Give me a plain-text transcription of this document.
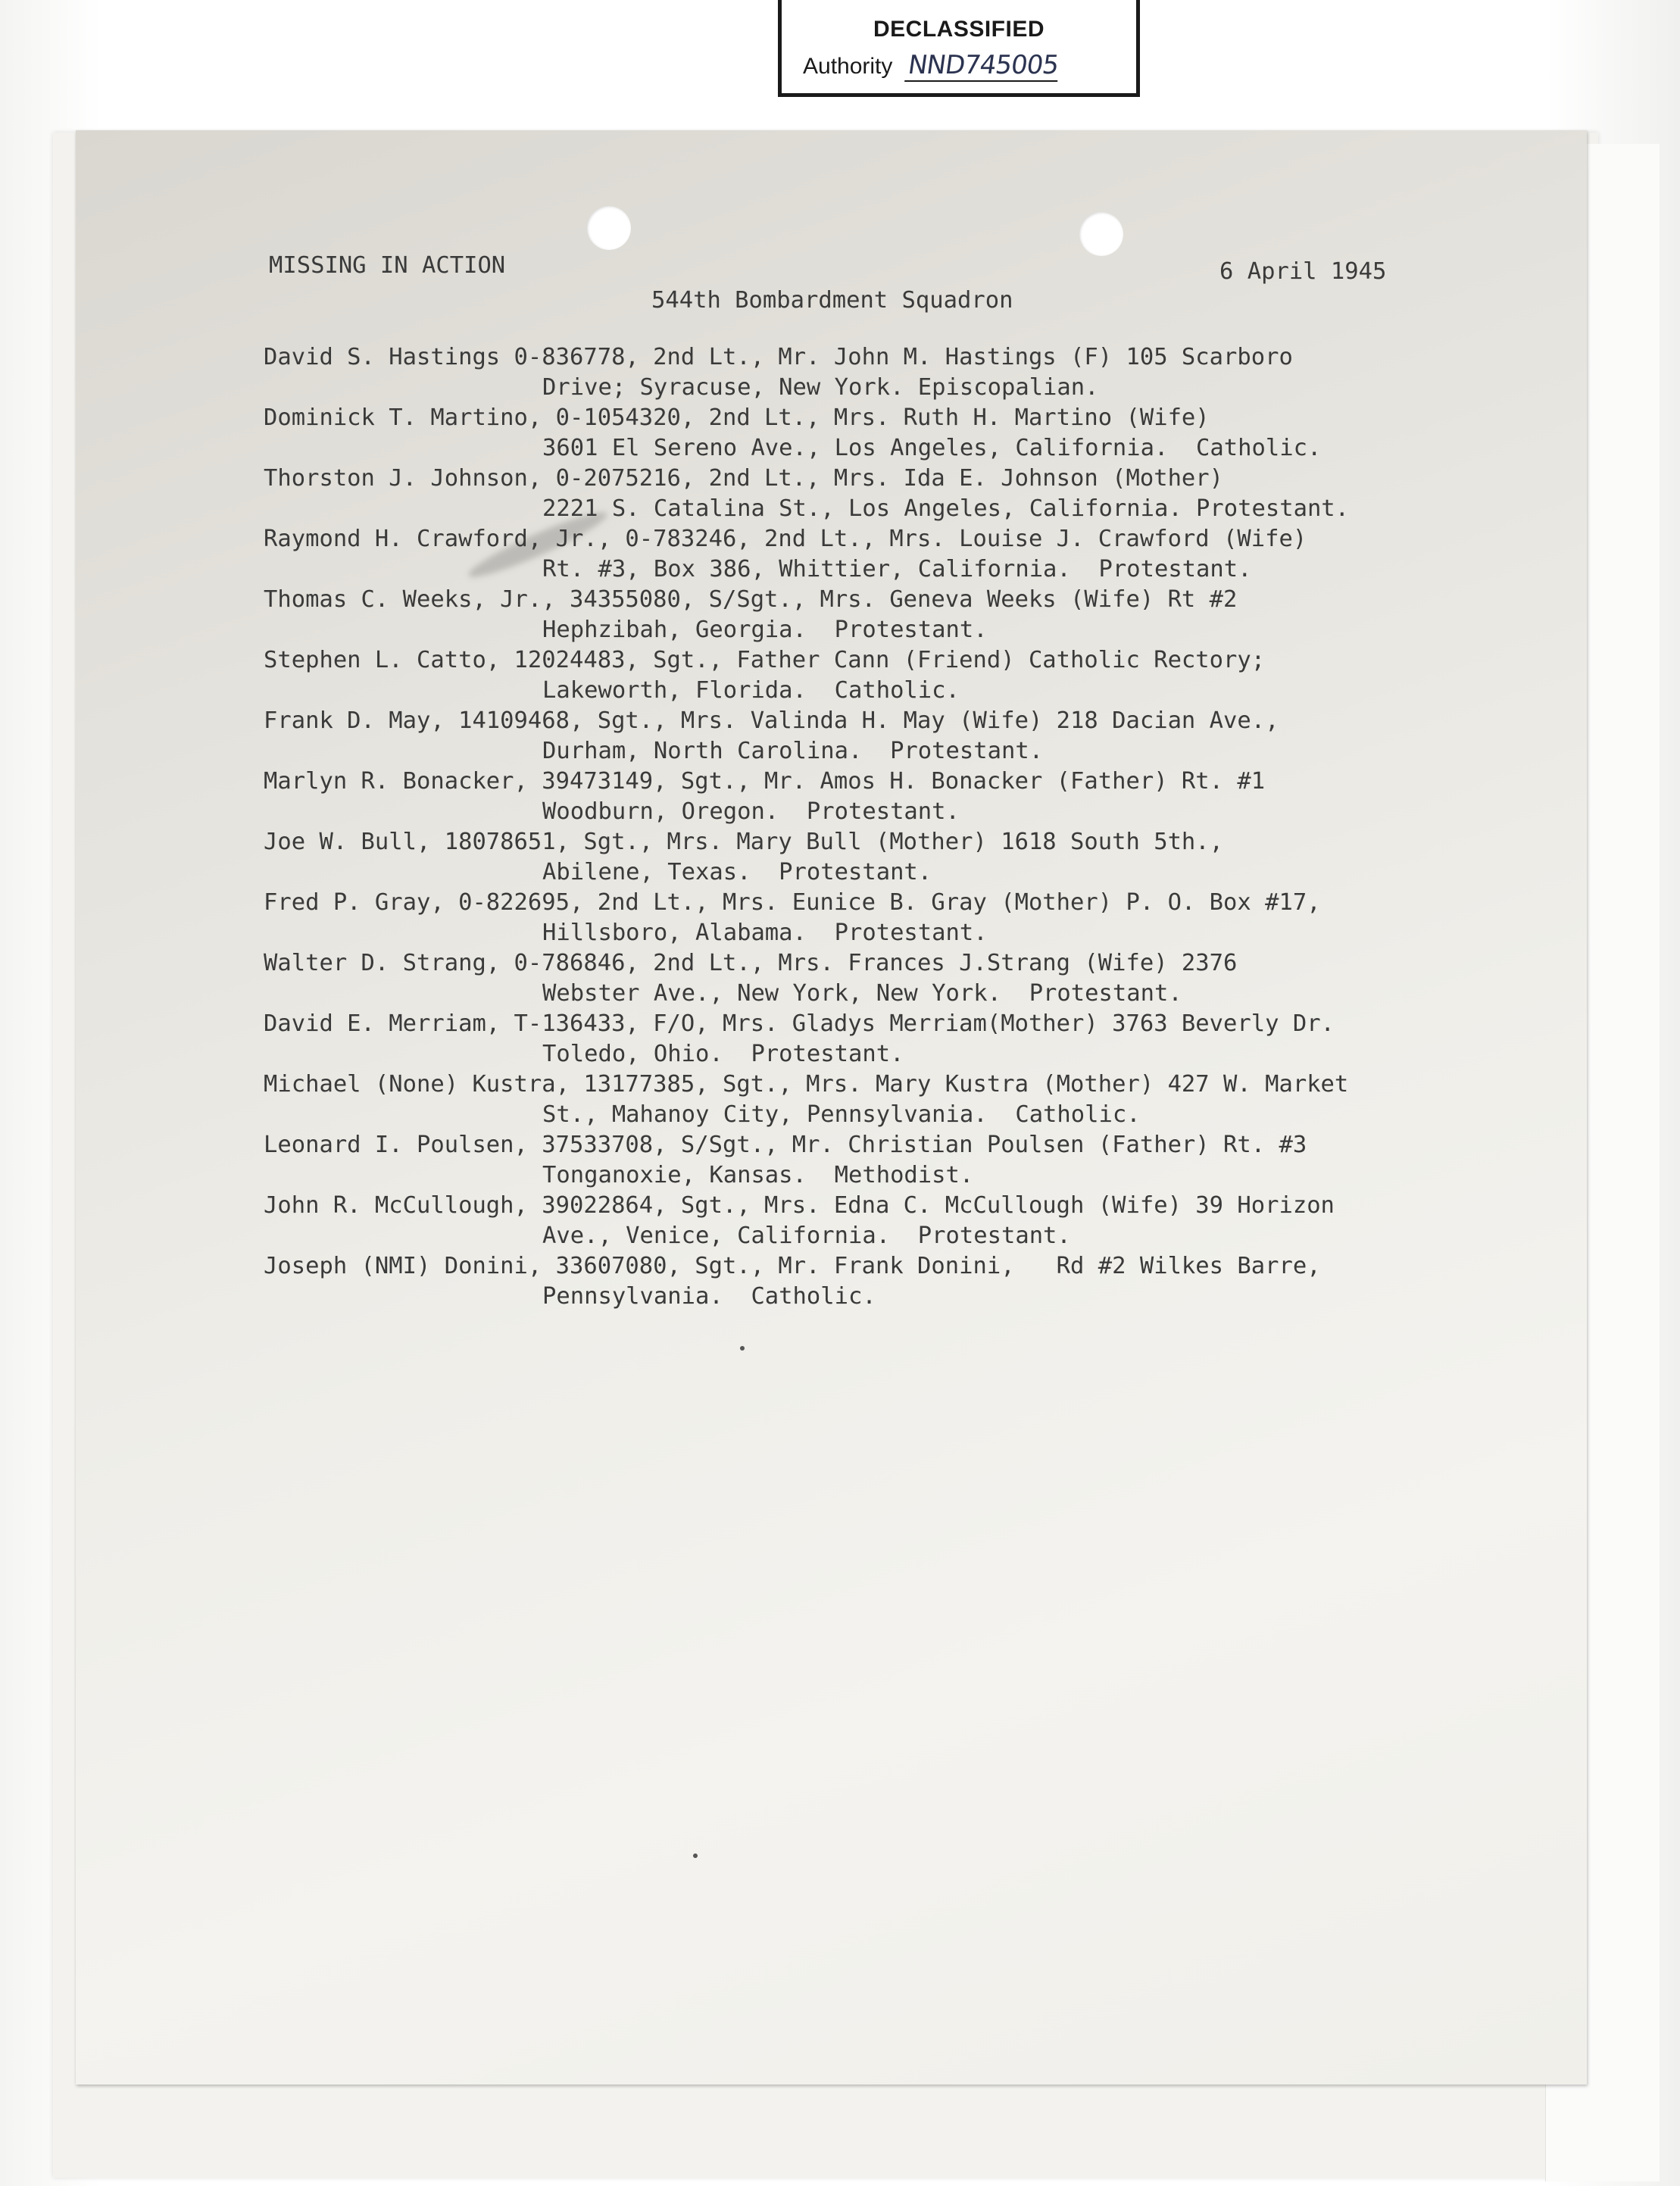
DECLASSIFIED
Authority NND745005
MISSING IN ACTION	6 April 1945
544th Bombardment Squadron
David S. Hastings 0-836778, 2nd Lt., Mr. John M. Hastings (F) 105 Scarboro
Drive; Syracuse, New York. Episcopalian.
Dominick T. Martino, 0-1054320, 2nd Lt., Mrs. Ruth H. Martino (Wife)
3601 El Sereno Ave., Los Angeles, California.  Catholic.
Thorston J. Johnson, 0-2075216, 2nd Lt., Mrs. Ida E. Johnson (Mother)
2221 S. Catalina St., Los Angeles, California. Protestant.
Raymond H. Crawford, Jr., 0-783246, 2nd Lt., Mrs. Louise J. Crawford (Wife)
Rt. #3, Box 386, Whittier, California.  Protestant.
Thomas C. Weeks, Jr., 34355080, S/Sgt., Mrs. Geneva Weeks (Wife) Rt #2
Hephzibah, Georgia.  Protestant.
Stephen L. Catto, 12024483, Sgt., Father Cann (Friend) Catholic Rectory;
Lakeworth, Florida.  Catholic.
Frank D. May, 14109468, Sgt., Mrs. Valinda H. May (Wife) 218 Dacian Ave.,
Durham, North Carolina.  Protestant.
Marlyn R. Bonacker, 39473149, Sgt., Mr. Amos H. Bonacker (Father) Rt. #1
Woodburn, Oregon.  Protestant.
Joe W. Bull, 18078651, Sgt., Mrs. Mary Bull (Mother) 1618 South 5th.,
Abilene, Texas.  Protestant.
Fred P. Gray, 0-822695, 2nd Lt., Mrs. Eunice B. Gray (Mother) P. O. Box #17,
Hillsboro, Alabama.  Protestant.
Walter D. Strang, 0-786846, 2nd Lt., Mrs. Frances J.Strang (Wife) 2376
Webster Ave., New York, New York.  Protestant.
David E. Merriam, T-136433, F/O, Mrs. Gladys Merriam(Mother) 3763 Beverly Dr.
Toledo, Ohio.  Protestant.
Michael (None) Kustra, 13177385, Sgt., Mrs. Mary Kustra (Mother) 427 W. Market
St., Mahanoy City, Pennsylvania.  Catholic.
Leonard I. Poulsen, 37533708, S/Sgt., Mr. Christian Poulsen (Father) Rt. #3
Tonganoxie, Kansas.  Methodist.
John R. McCullough, 39022864, Sgt., Mrs. Edna C. McCullough (Wife) 39 Horizon
Ave., Venice, California.  Protestant.
Joseph (NMI) Donini, 33607080, Sgt., Mr. Frank Donini,   Rd #2 Wilkes Barre,
Pennsylvania.  Catholic.
